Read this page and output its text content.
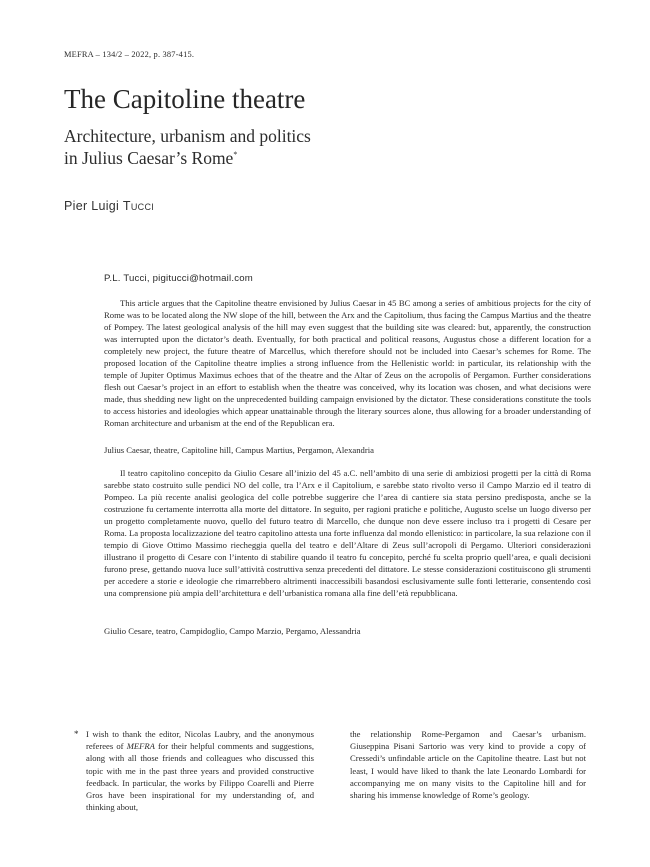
MEFRA – 134/2 – 2022, p. 387-415.
The Capitoline theatre
Architecture, urbanism and politics
in Julius Caesar’s Rome*
Pier Luigi Tucci
P.L. Tucci, pigitucci@hotmail.com

This article argues that the Capitoline theatre envisioned by Julius Caesar in 45 BC among a series of ambitious projects for the city of Rome was to be located along the NW slope of the hill, between the Arx and the Capitolium, thus facing the Campus Martius and the theatre of Pompey. The latest geological analysis of the hill may even suggest that the building site was cleared: but, apparently, the construction was interrupted upon the dictator’s death. Eventually, for both practical and political reasons, Augustus chose a different location for a completely new project, the future theatre of Marcellus, which therefore should not be included into Caesar’s schemes for Rome. The proposed location of the Capitoline theatre implies a strong influence from the Hellenistic world: in particular, its relationship with the temple of Jupiter Optimus Maximus echoes that of the theatre and the Altar of Zeus on the acropolis of Pergamon. Further considerations flesh out Caesar’s project in an effort to establish when the theatre was conceived, why its location was chosen, and what decisions were made, thus shedding new light on the unprecedented building campaign envisioned by the dictator. These considerations constitute the tools to access histories and ideologies which appear unattainable through the literary sources alone, thus allowing for a broader understanding of Roman architecture and urbanism at the end of the Republican era.

Julius Caesar, theatre, Capitoline hill, Campus Martius, Pergamon, Alexandria

Il teatro capitolino concepito da Giulio Cesare all’inizio del 45 a.C. nell’ambito di una serie di ambiziosi progetti per la città di Roma sarebbe stato costruito sulle pendici NO del colle, tra l’Arx e il Capitolium, e sarebbe stato rivolto verso il Campo Marzio ed il teatro di Pompeo. La più recente analisi geologica del colle potrebbe suggerire che l’area di cantiere sia stata persino predisposta, anche se la costruzione fu certamente interrotta alla morte del dittatore. In seguito, per ragioni pratiche e politiche, Augusto scelse un luogo diverso per un progetto completamente nuovo, quello del futuro teatro di Marcello, che dunque non deve essere incluso tra i progetti di Cesare per Roma. La proposta localizzazione del teatro capitolino attesta una forte influenza dal mondo ellenistico: in particolare, la sua relazione con il tempio di Giove Ottimo Massimo riecheggia quella del teatro e dell’Altare di Zeus sull’acropoli di Pergamo. Ulteriori considerazioni illustrano il progetto di Cesare con l’intento di stabilire quando il teatro fu concepito, perché fu scelta proprio quell’area, e quali decisioni furono prese, gettando nuova luce sull’attività costruttiva senza precedenti del dittatore. Le stesse considerazioni costituiscono gli strumenti per accedere a storie e ideologie che rimarrebbero altrimenti inaccessibili basandosi esclusivamente sulle fonti letterarie, consentendo così una comprensione più ampia dell’architettura e dell’urbanistica romana alla fine dell’età repubblicana.

Giulio Cesare, teatro, Campidoglio, Campo Marzio, Pergamo, Alessandria
* I wish to thank the editor, Nicolas Laubry, and the anonymous referees of MEFRA for their helpful comments and suggestions, along with all those friends and colleagues who discussed this topic with me in the past three years and provided constructive feedback. In particular, the works by Filippo Coarelli and Pierre Gros have been inspirational for my understanding of, and thinking about,

the relationship Rome-Pergamon and Caesar’s urbanism. Giuseppina Pisani Sartorio was very kind to provide a copy of Cressedi’s unfindable article on the Capitoline theatre. Last but not least, I would have liked to thank the late Leonardo Lombardi for accompanying me on many visits to the Capitoline hill and for sharing his immense knowledge of Rome’s geology.
